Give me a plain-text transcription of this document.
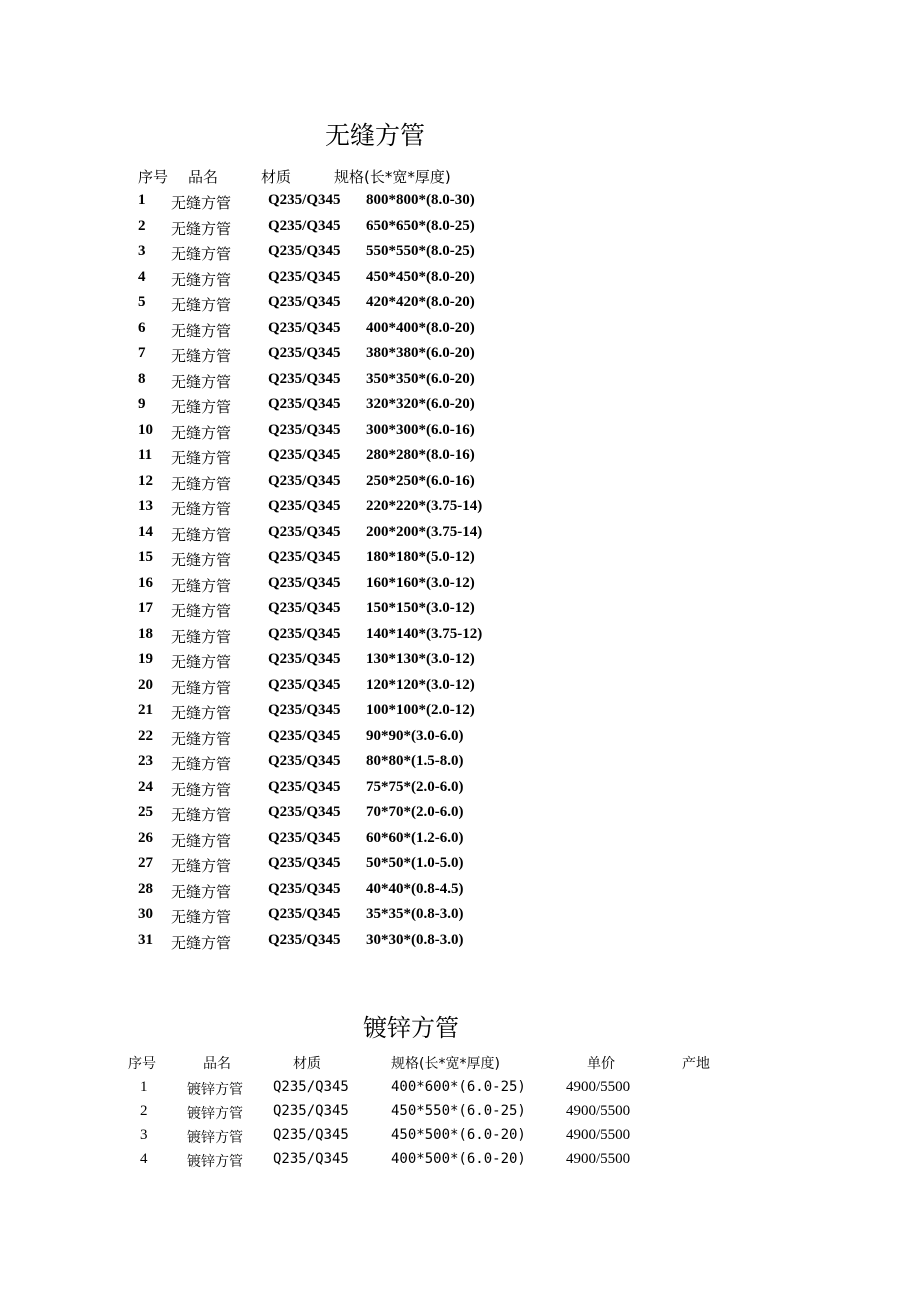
无缝方管
序号 品名	材质	规格(长*宽*厚度)
1 无缝方管 Q235/Q345 800*800*(8.0-30)
2 无缝方管 Q235/Q345 650*650*(8.0-25)
3 无缝方管 Q235/Q345 550*550*(8.0-25)
4 无缝方管 Q235/Q345 450*450*(8.0-20)
5 无缝方管 Q235/Q345 420*420*(8.0-20)
6 无缝方管 Q235/Q345 400*400*(8.0-20)
7 无缝方管 Q235/Q345 380*380*(6.0-20)
8 无缝方管 Q235/Q345 350*350*(6.0-20)
9 无缝方管 Q235/Q345 320*320*(6.0-20)
10 无缝方管 Q235/Q345 300*300*(6.0-16)
11 无缝方管 Q235/Q345 280*280*(8.0-16)
12 无缝方管 Q235/Q345 250*250*(6.0-16)
13 无缝方管 Q235/Q345 220*220*(3.75-14)
14 无缝方管 Q235/Q345 200*200*(3.75-14)
15 无缝方管 Q235/Q345 180*180*(5.0-12)
16 无缝方管 Q235/Q345 160*160*(3.0-12)
17 无缝方管 Q235/Q345 150*150*(3.0-12)
18 无缝方管 Q235/Q345 140*140*(3.75-12)
19 无缝方管 Q235/Q345 130*130*(3.0-12)
20 无缝方管 Q235/Q345 120*120*(3.0-12)
21 无缝方管 Q235/Q345 100*100*(2.0-12)
22 无缝方管 Q235/Q345 90*90*(3.0-6.0)
23 无缝方管 Q235/Q345 80*80*(1.5-8.0)
24 无缝方管 Q235/Q345 75*75*(2.0-6.0)
25 无缝方管 Q235/Q345 70*70*(2.0-6.0)
26 无缝方管 Q235/Q345 60*60*(1.2-6.0)
27 无缝方管 Q235/Q345 50*50*(1.0-5.0)
28 无缝方管 Q235/Q345 40*40*(0.8-4.5)
30 无缝方管 Q235/Q345 35*35*(0.8-3.0)
31 无缝方管 Q235/Q345 30*30*(0.8-3.0)
镀锌方管
序号	品名	材质	规格(长*宽*厚度)	单价	产地
1	镀锌方管 Q235/Q345	400*600*(6.0-25)	4900/5500
2	镀锌方管 Q235/Q345	450*550*(6.0-25)	4900/5500
3	镀锌方管 Q235/Q345	450*500*(6.0-20)	4900/5500
4	镀锌方管 Q235/Q345	400*500*(6.0-20)	4900/5500
